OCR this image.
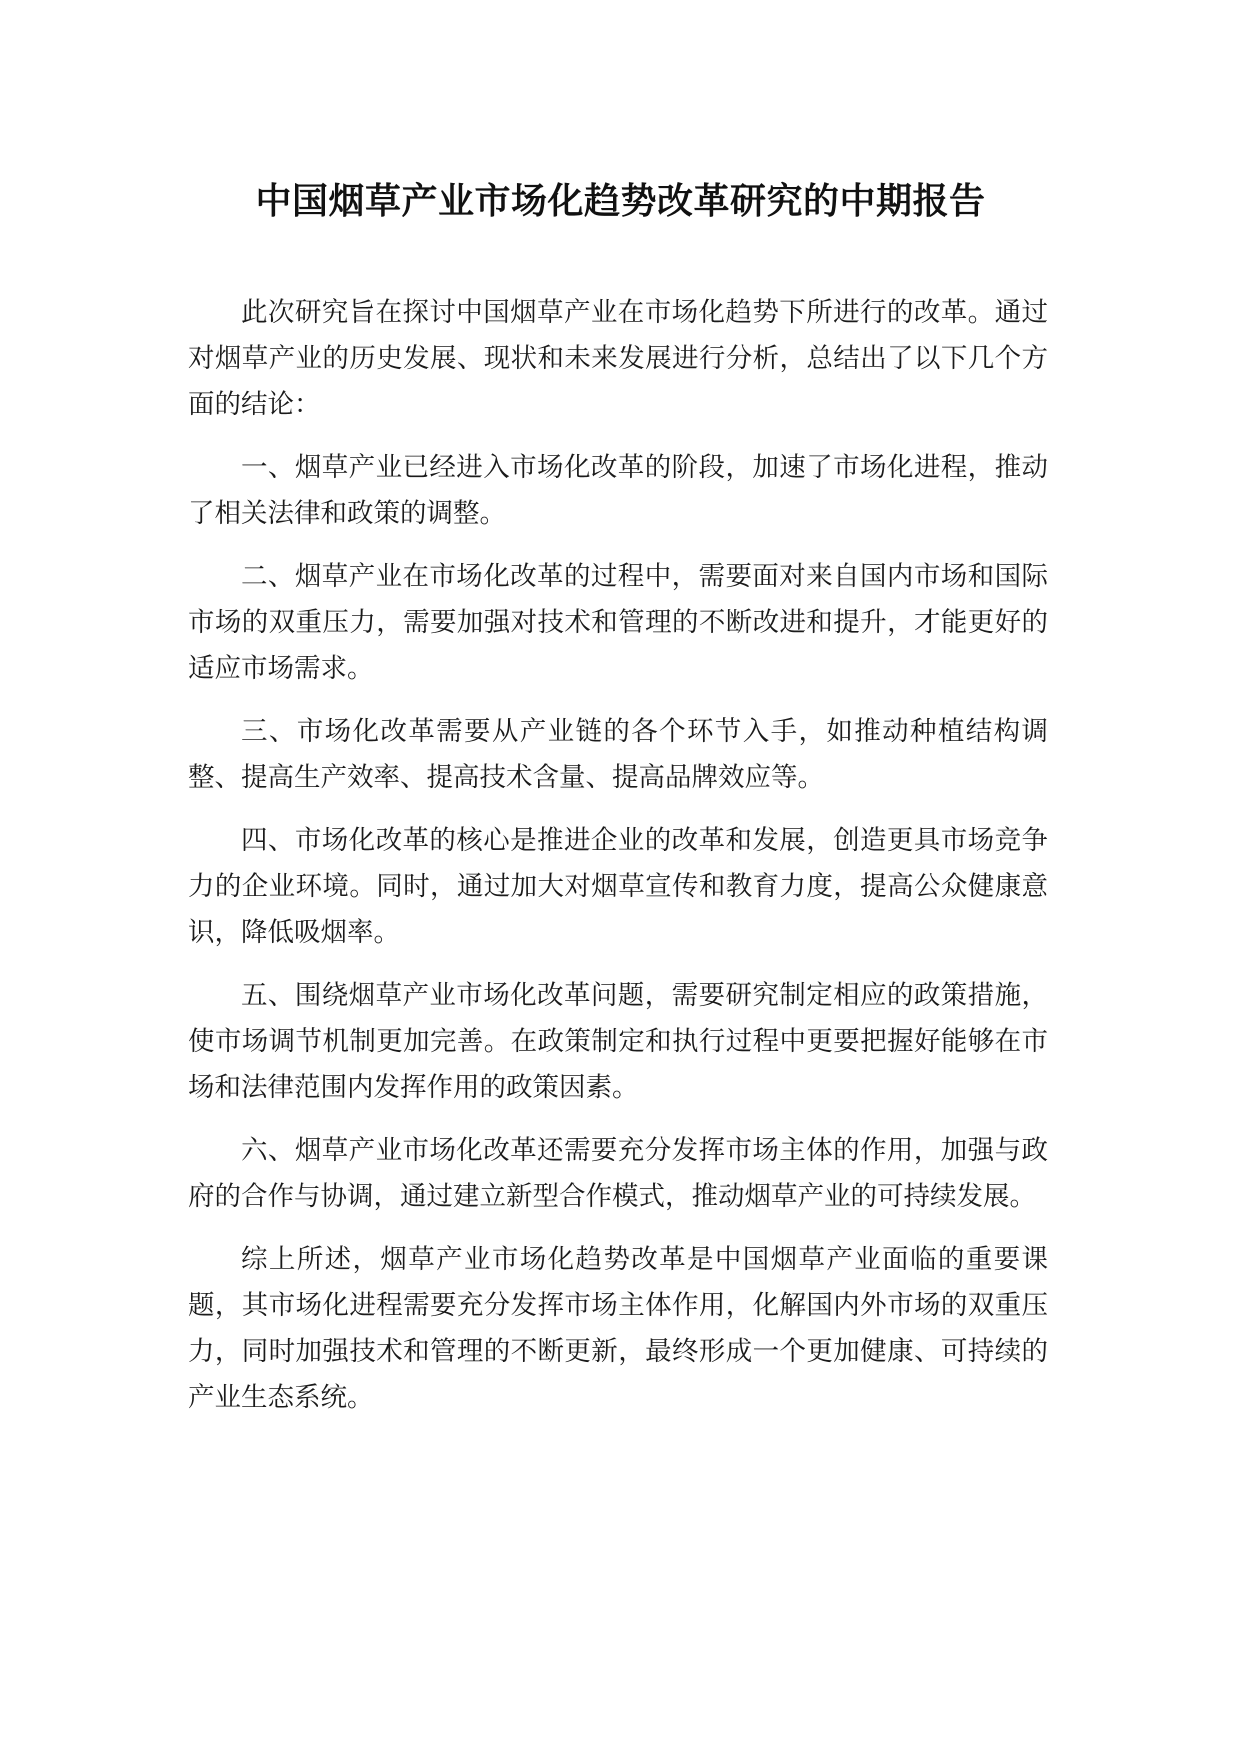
中国烟草产业市场化趋势改革研究的中期报告

此次研究旨在探讨中国烟草产业在市场化趋势下所进行的改革。通过对烟草产业的历史发展、现状和未来发展进行分析，总结出了以下几个方面的结论：

一、烟草产业已经进入市场化改革的阶段，加速了市场化进程，推动了相关法律和政策的调整。

二、烟草产业在市场化改革的过程中，需要面对来自国内市场和国际市场的双重压力，需要加强对技术和管理的不断改进和提升，才能更好的适应市场需求。

三、市场化改革需要从产业链的各个环节入手，如推动种植结构调整、提高生产效率、提高技术含量、提高品牌效应等。

四、市场化改革的核心是推进企业的改革和发展，创造更具市场竞争力的企业环境。同时，通过加大对烟草宣传和教育力度，提高公众健康意识，降低吸烟率。

五、围绕烟草产业市场化改革问题，需要研究制定相应的政策措施，使市场调节机制更加完善。在政策制定和执行过程中更要把握好能够在市场和法律范围内发挥作用的政策因素。

六、烟草产业市场化改革还需要充分发挥市场主体的作用，加强与政府的合作与协调，通过建立新型合作模式，推动烟草产业的可持续发展。

综上所述，烟草产业市场化趋势改革是中国烟草产业面临的重要课题，其市场化进程需要充分发挥市场主体作用，化解国内外市场的双重压力，同时加强技术和管理的不断更新，最终形成一个更加健康、可持续的产业生态系统。
